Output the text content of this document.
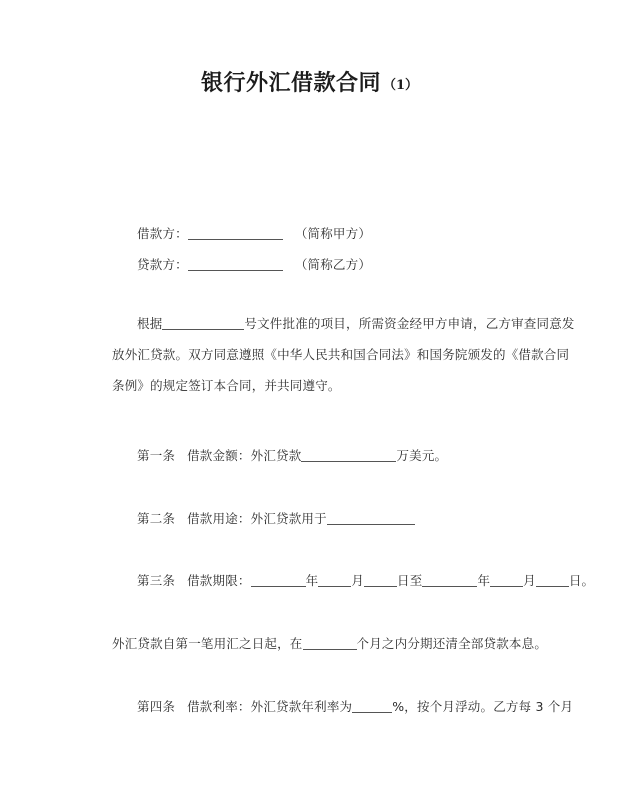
银行外汇借款合同 （1）
借款方：	（简称甲方）
贷款方：	（简称乙方）
根据	号文件批准的项目，所需资金经甲方申请，乙方审查同意发
放外汇贷款。双方同意遵照《中华人民共和国合同法》和国务院颁发的《借款合同
条例》的规定签订本合同，并共同遵守。
第一条 借款金额：外汇贷款	万美元。
第二条 借款用途：外汇贷款用于
第三条 借款期限：	年	月	日至	年	月	日。
外汇贷款自第一笔用汇之日起，在	个月之内分期还清全部贷款本息。
第四条 借款利率：外汇贷款年利率为	%，按个月浮动。乙方每 3 个月
